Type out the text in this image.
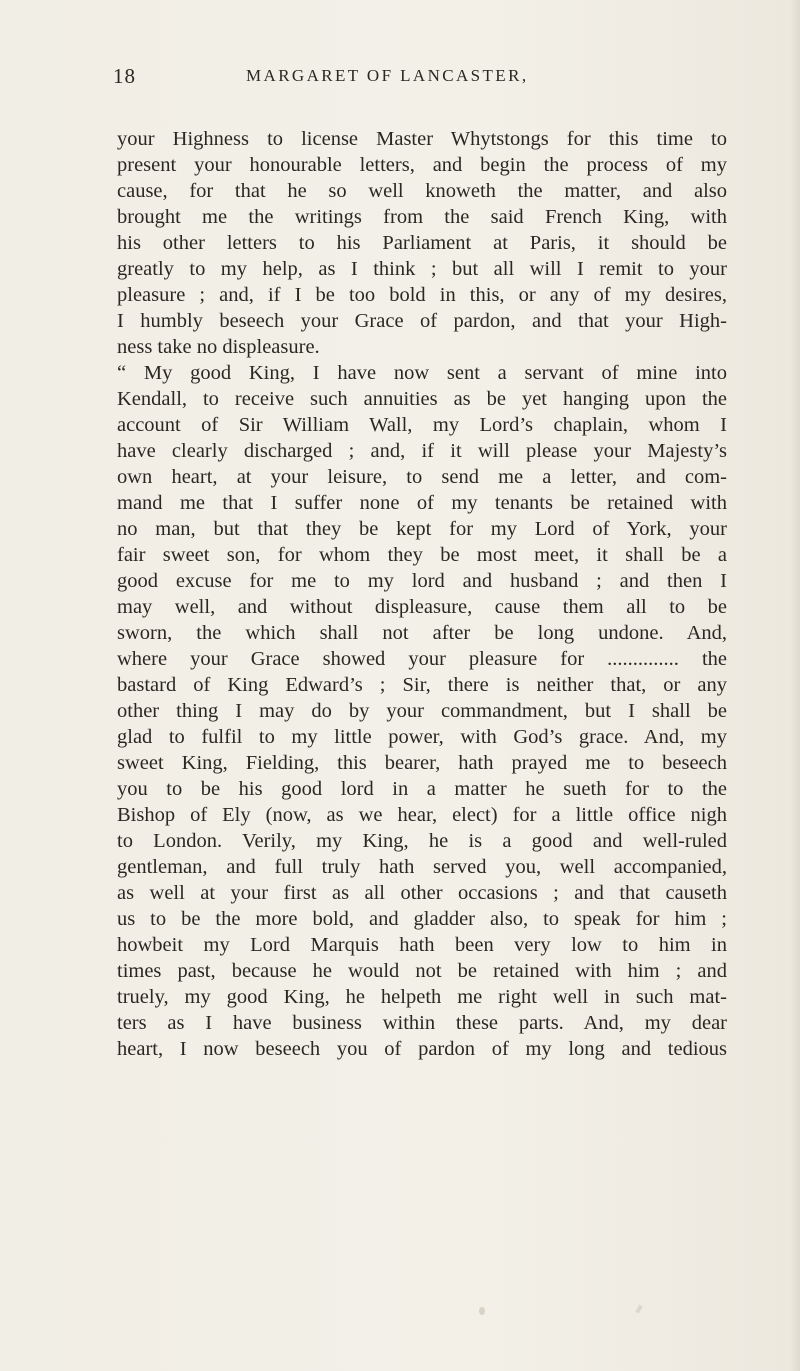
18	MARGARET OF LANCASTER,
your Highness to license Master Whytstongs for this time to
present your honourable letters, and begin the process of my
cause, for that he so well knoweth the matter, and also
brought me the writings from the said French King, with
his other letters to his Parliament at Paris, it should be
greatly to my help, as I think ; but all will I remit to your
pleasure ; and, if I be too bold in this, or any of my desires,
I humbly beseech your Grace of pardon, and that your High-
ness take no displeasure.
“ My good King, I have now sent a servant of mine into
Kendall, to receive such annuities as be yet hanging upon the
account of Sir William Wall, my Lord’s chaplain, whom I
have clearly discharged ; and, if it will please your Majesty’s
own heart, at your leisure, to send me a letter, and com-
mand me that I suffer none of my tenants be retained with
no man, but that they be kept for my Lord of York, your
fair sweet son, for whom they be most meet, it shall be a
good excuse for me to my lord and husband ; and then I
may well, and without displeasure, cause them all to be
sworn, the which shall not after be long undone. And,
where your Grace showed your pleasure for .............. the
bastard of King Edward’s ; Sir, there is neither that, or any
other thing I may do by your commandment, but I shall be
glad to fulfil to my little power, with God’s grace. And, my
sweet King, Fielding, this bearer, hath prayed me to beseech
you to be his good lord in a matter he sueth for to the
Bishop of Ely (now, as we hear, elect) for a little office nigh
to London. Verily, my King, he is a good and well-ruled
gentleman, and full truly hath served you, well accompanied,
as well at your first as all other occasions ; and that causeth
us to be the more bold, and gladder also, to speak for him ;
howbeit my Lord Marquis hath been very low to him in
times past, because he would not be retained with him ; and
truely, my good King, he helpeth me right well in such mat-
ters as I have business within these parts. And, my dear
heart, I now beseech you of pardon of my long and tedious
